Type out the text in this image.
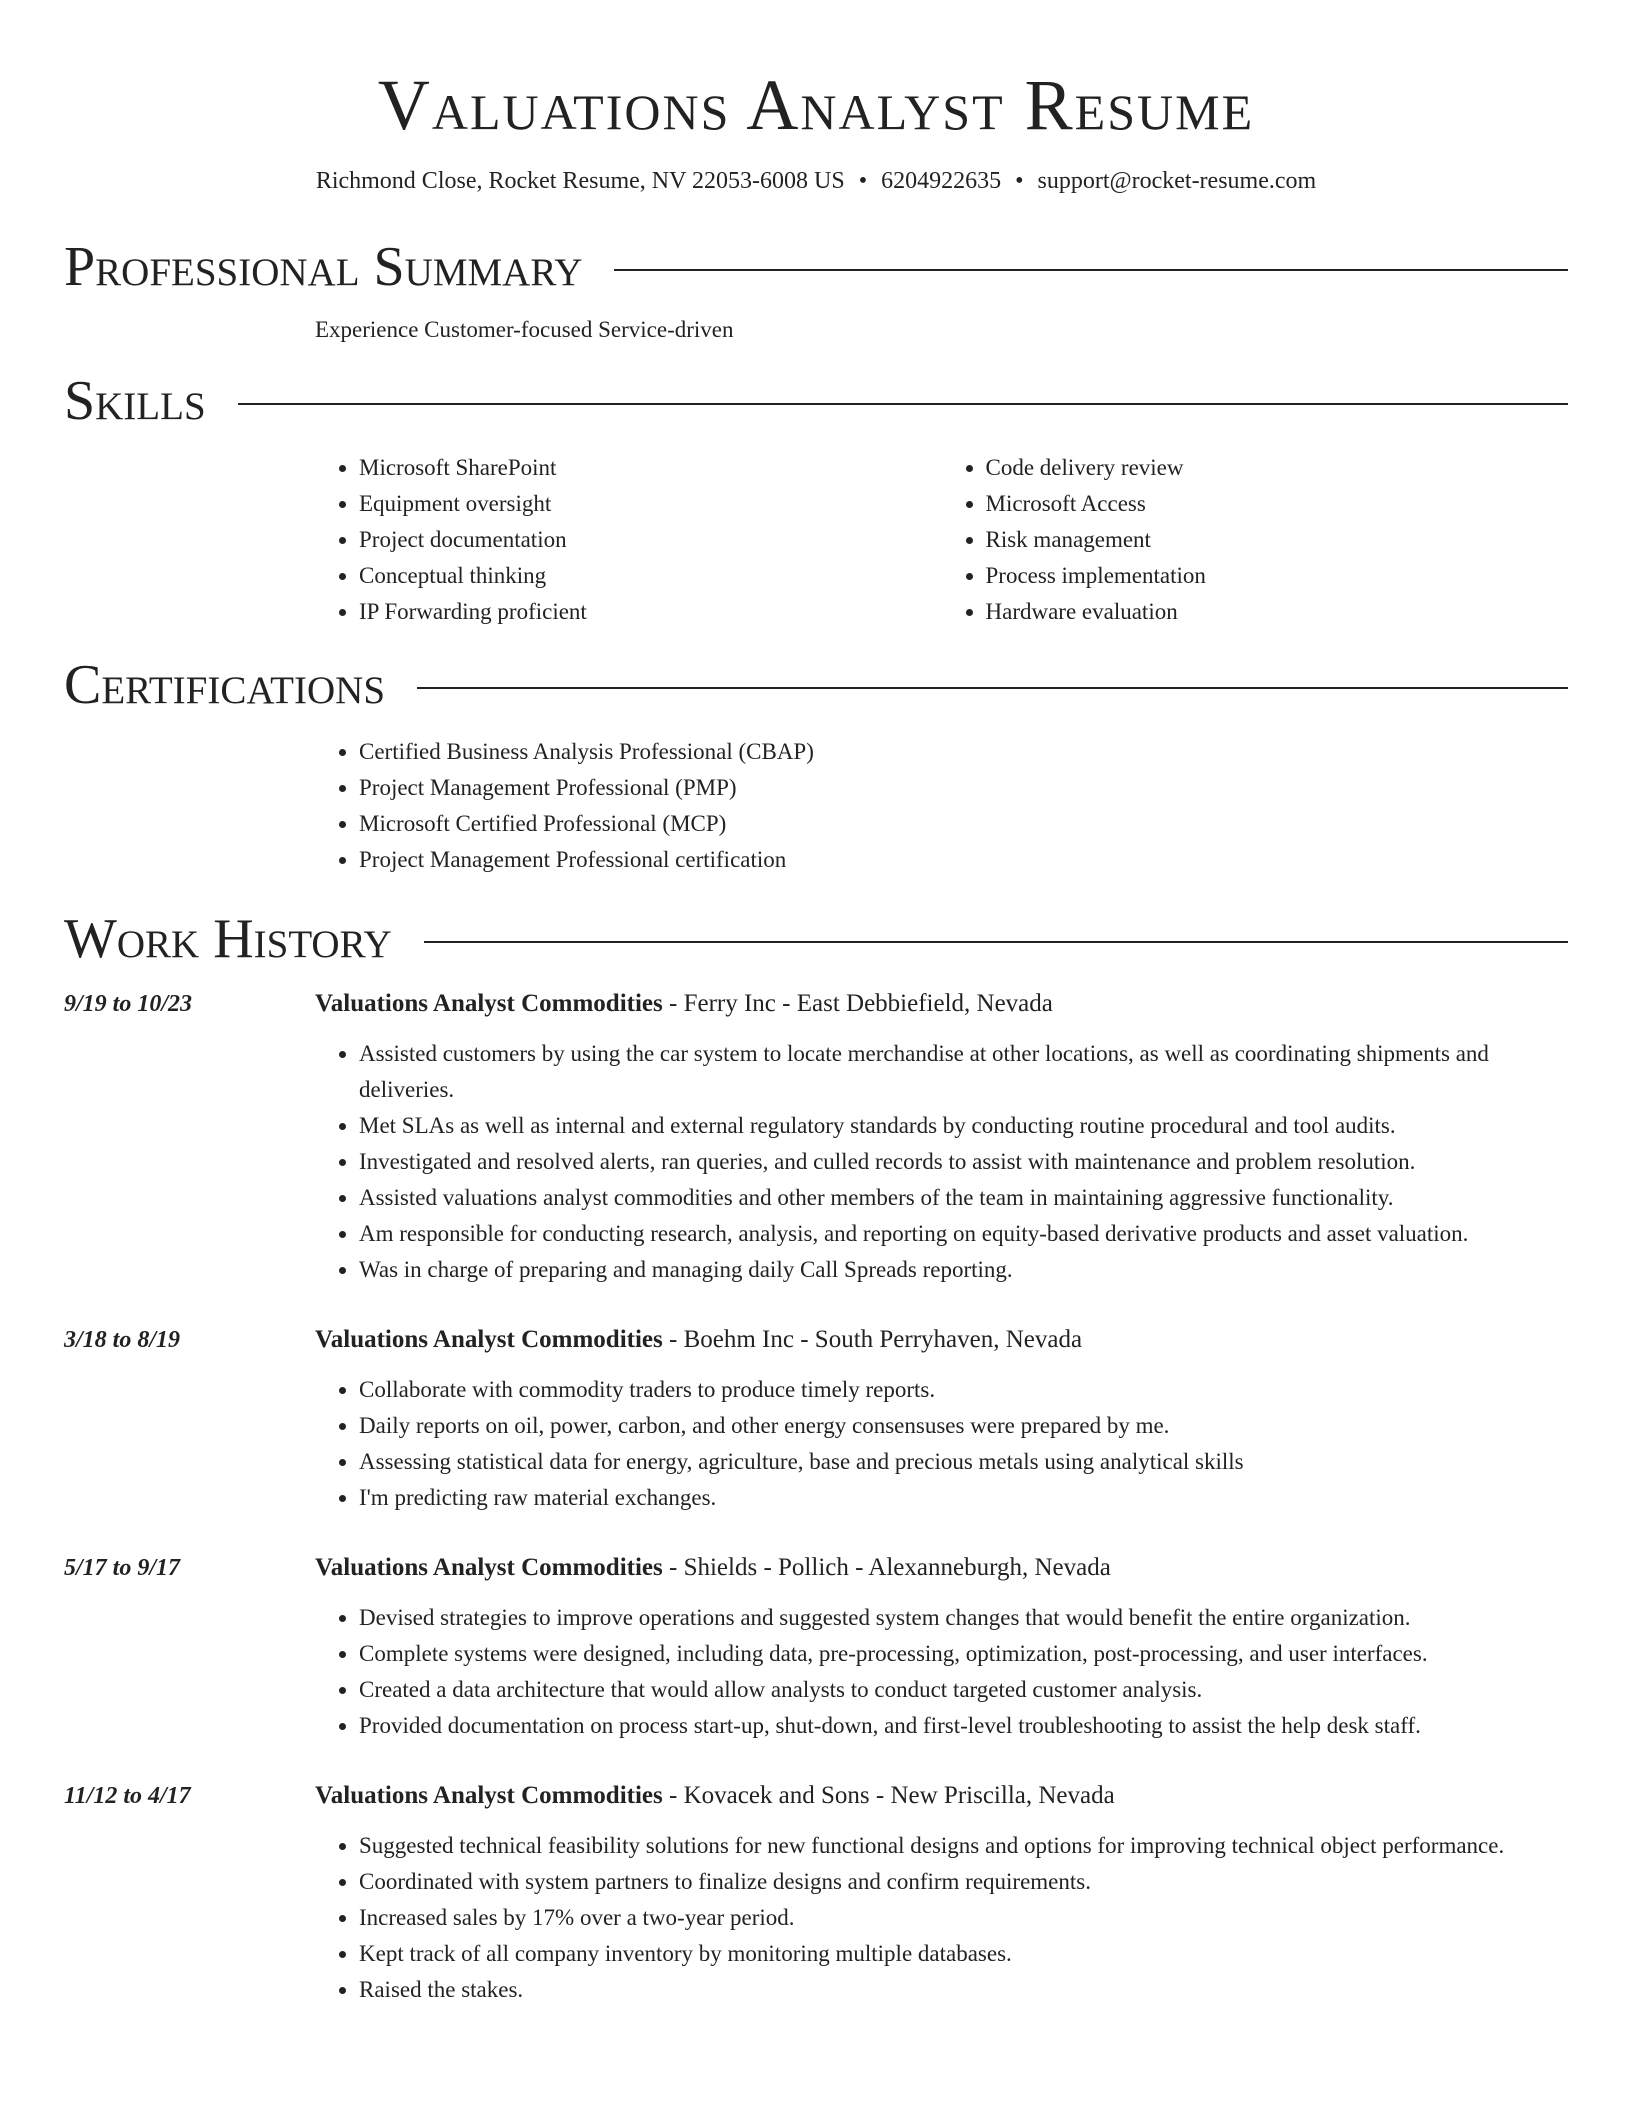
Valuations Analyst Resume
Richmond Close, Rocket Resume, NV 22053-6008 US • 6204922635 • support@rocket-resume.com
Professional Summary
Experience Customer-focused Service-driven
Skills
• Microsoft SharePoint
• Equipment oversight
• Project documentation
• Conceptual thinking
• IP Forwarding proficient
• Code delivery review
• Microsoft Access
• Risk management
• Process implementation
• Hardware evaluation
Certifications
• Certified Business Analysis Professional (CBAP)
• Project Management Professional (PMP)
• Microsoft Certified Professional (MCP)
• Project Management Professional certification
Work History
9/19 to 10/23	Valuations Analyst Commodities - Ferry Inc - East Debbiefield, Nevada
• Assisted customers by using the car system to locate merchandise at other locations, as well as coordinating shipments and deliveries.
• Met SLAs as well as internal and external regulatory standards by conducting routine procedural and tool audits.
• Investigated and resolved alerts, ran queries, and culled records to assist with maintenance and problem resolution.
• Assisted valuations analyst commodities and other members of the team in maintaining aggressive functionality.
• Am responsible for conducting research, analysis, and reporting on equity-based derivative products and asset valuation.
• Was in charge of preparing and managing daily Call Spreads reporting.
3/18 to 8/19	Valuations Analyst Commodities - Boehm Inc - South Perryhaven, Nevada
• Collaborate with commodity traders to produce timely reports.
• Daily reports on oil, power, carbon, and other energy consensuses were prepared by me.
• Assessing statistical data for energy, agriculture, base and precious metals using analytical skills
• I'm predicting raw material exchanges.
5/17 to 9/17	Valuations Analyst Commodities - Shields - Pollich - Alexanneburgh, Nevada
• Devised strategies to improve operations and suggested system changes that would benefit the entire organization.
• Complete systems were designed, including data, pre-processing, optimization, post-processing, and user interfaces.
• Created a data architecture that would allow analysts to conduct targeted customer analysis.
• Provided documentation on process start-up, shut-down, and first-level troubleshooting to assist the help desk staff.
11/12 to 4/17	Valuations Analyst Commodities - Kovacek and Sons - New Priscilla, Nevada
• Suggested technical feasibility solutions for new functional designs and options for improving technical object performance.
• Coordinated with system partners to finalize designs and confirm requirements.
• Increased sales by 17% over a two-year period.
• Kept track of all company inventory by monitoring multiple databases.
• Raised the stakes.
